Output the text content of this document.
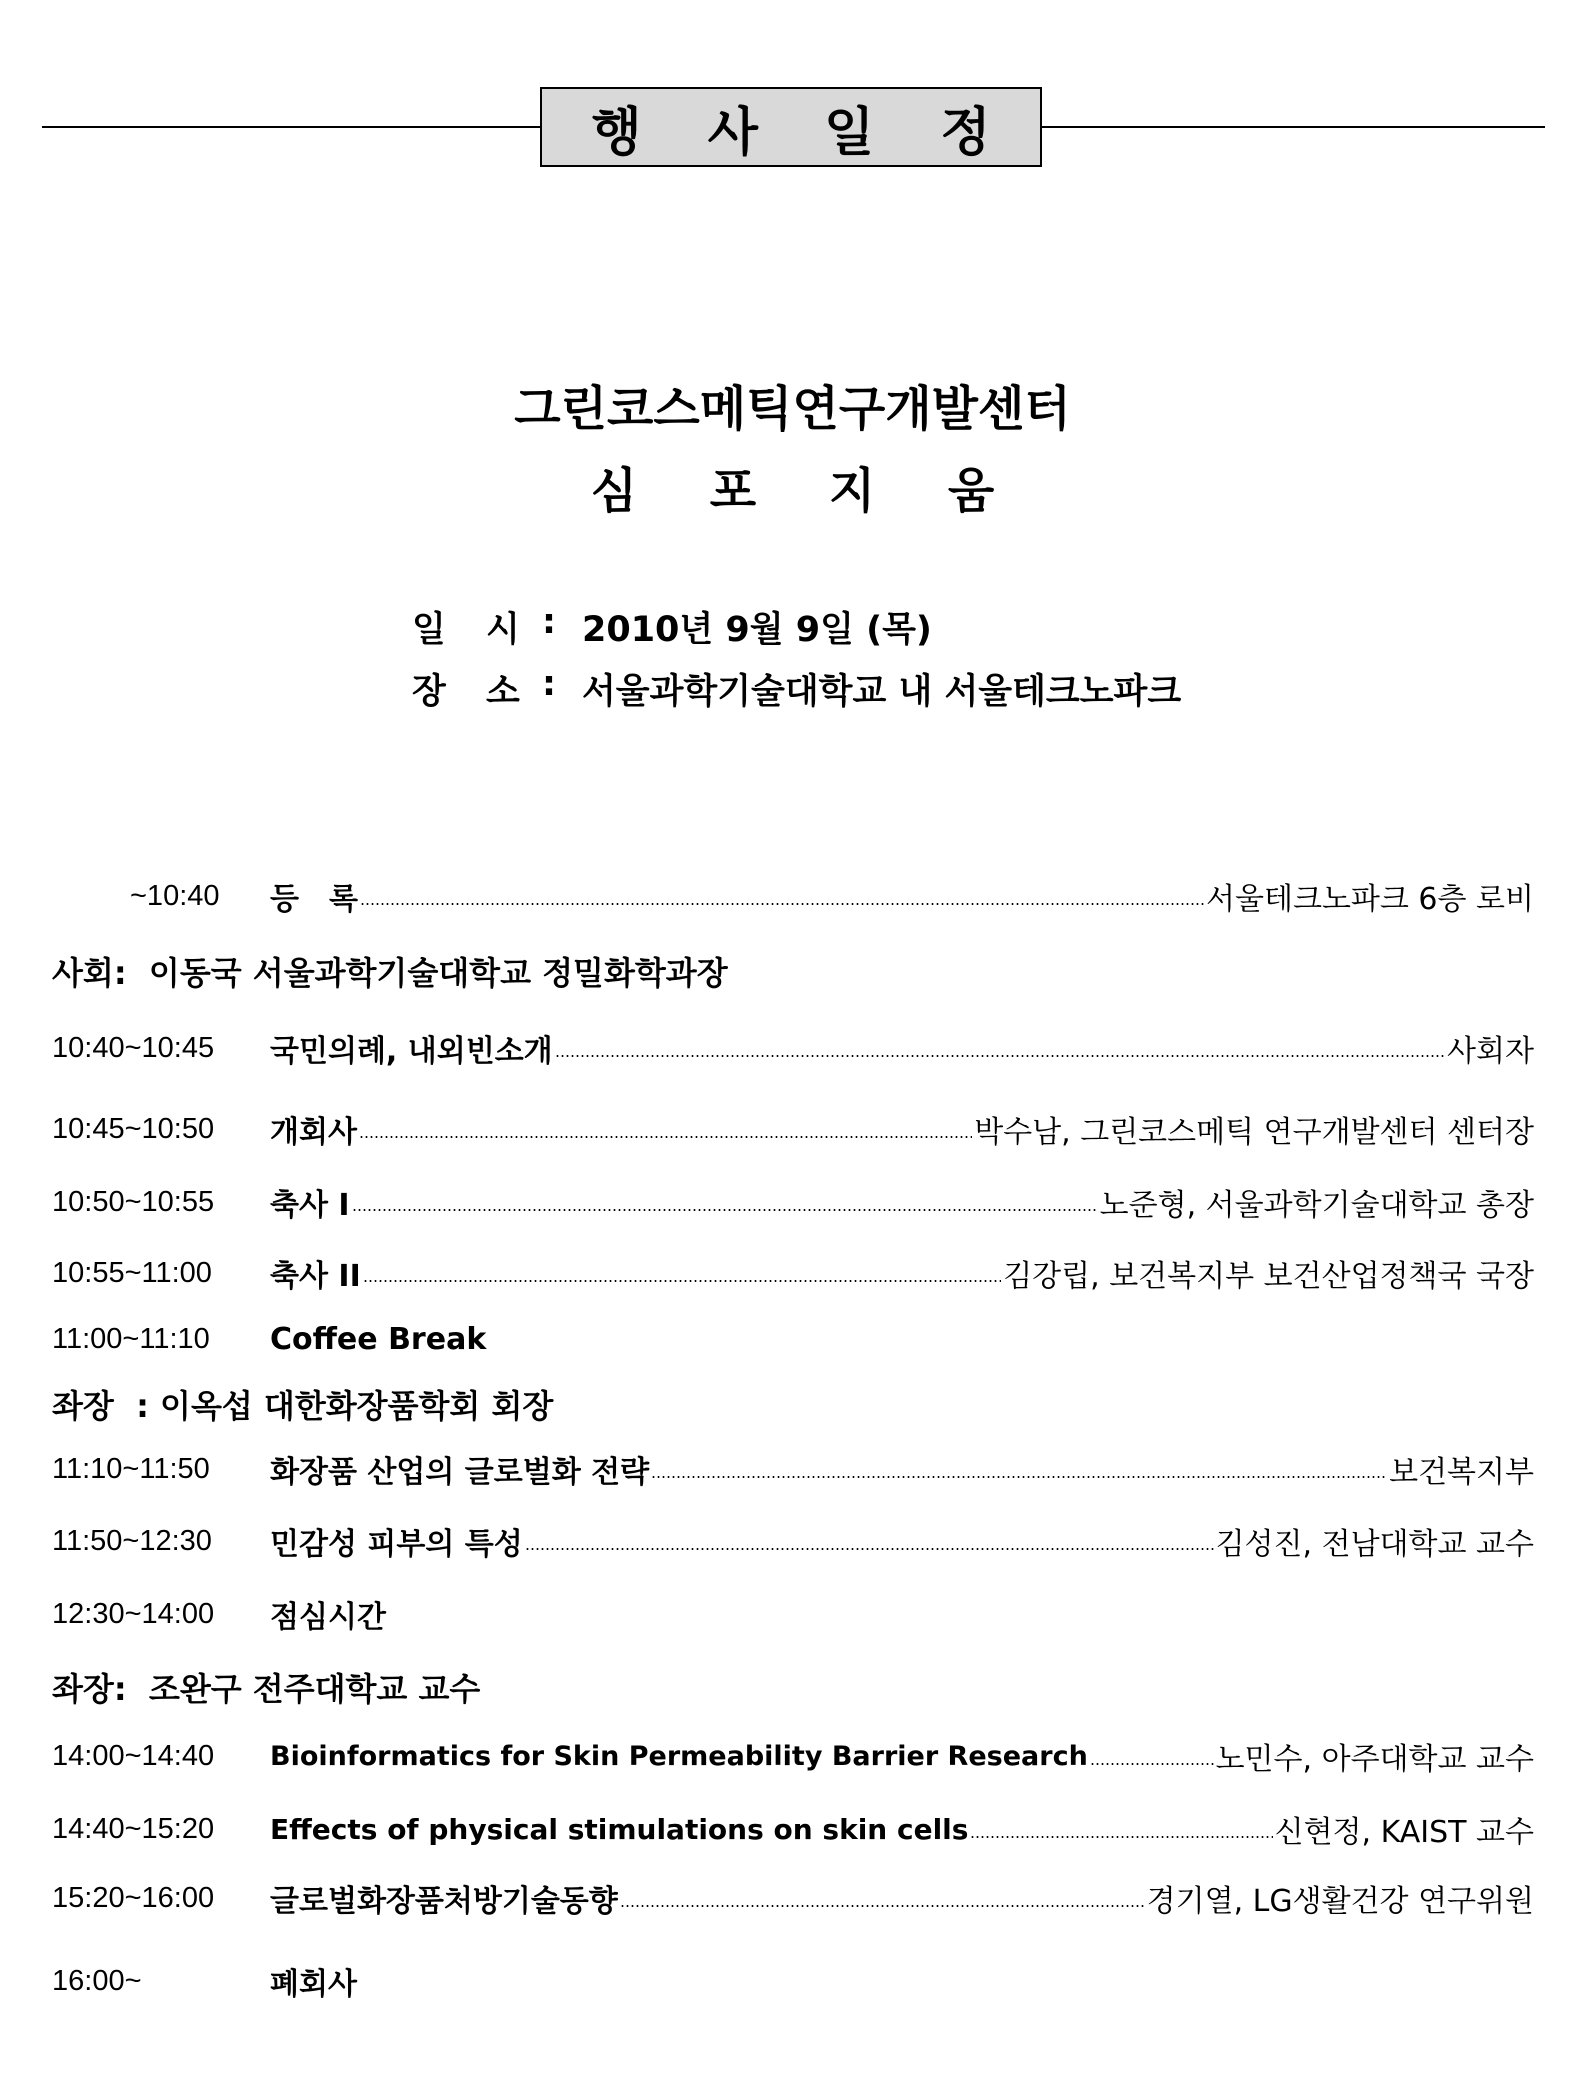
행 사 일 정
그린코스메틱연구개발센터
심 포 지 움
일 시 : 2010년 9월 9일 (목)
장 소 : 서울과학기술대학교 내 서울테크노파크
~10:40	등　록	서울테크노파크 6층 로비
사회:  이동국 서울과학기술대학교 정밀화학과장
10:40~10:45	국민의례, 내외빈소개	사회자
10:45~10:50	개회사	박수남, 그린코스메틱 연구개발센터 센터장
10:50~10:55	축사 I	노준형, 서울과학기술대학교 총장
10:55~11:00	축사 II	김강립, 보건복지부 보건산업정책국 국장
11:00~11:10	Coffee Break
좌장  : 이옥섭 대한화장품학회 회장
11:10~11:50	화장품 산업의 글로벌화 전략	보건복지부
11:50~12:30	민감성 피부의 특성	김성진, 전남대학교 교수
12:30~14:00	점심시간
좌장:  조완구 전주대학교 교수
14:00~14:40	Bioinformatics for Skin Permeability Barrier Research	노민수, 아주대학교 교수
14:40~15:20	Effects of physical stimulations on skin cells	신현정, KAIST 교수
15:20~16:00	글로벌화장품처방기술동향	경기열, LG생활건강 연구위원
16:00~	폐회사
